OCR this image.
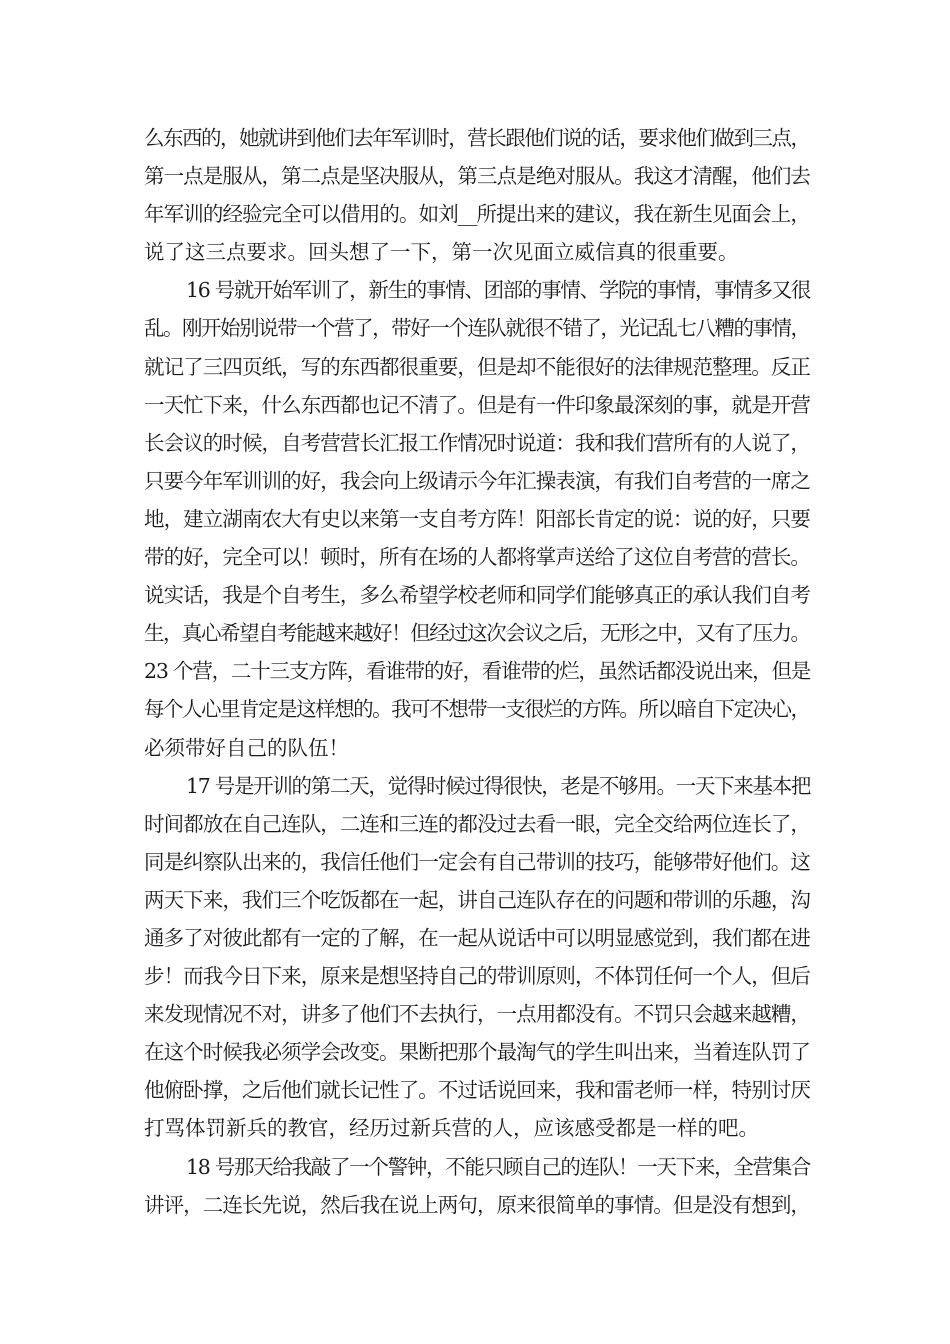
么东西的，她就讲到他们去年军训时，营长跟他们说的话，要求他们做到三点，
第一点是服从，第二点是坚决服从，第三点是绝对服从。我这才清醒，他们去
年军训的经验完全可以借用的。如刘__所提出来的建议，我在新生见面会上，
说了这三点要求。回头想了一下，第一次见面立威信真的很重要。
16 号就开始军训了，新生的事情、团部的事情、学院的事情，事情多又很
乱。刚开始别说带一个营了，带好一个连队就很不错了，光记乱七八糟的事情，
就记了三四页纸，写的东西都很重要，但是却不能很好的法律规范整理。反正
一天忙下来，什么东西都也记不清了。但是有一件印象最深刻的事，就是开营
长会议的时候，自考营营长汇报工作情况时说道：我和我们营所有的人说了，
只要今年军训训的好，我会向上级请示今年汇操表演，有我们自考营的一席之
地，建立湖南农大有史以来第一支自考方阵！阳部长肯定的说：说的好，只要
带的好，完全可以！顿时，所有在场的人都将掌声送给了这位自考营的营长。
说实话，我是个自考生，多么希望学校老师和同学们能够真正的承认我们自考
生，真心希望自考能越来越好！但经过这次会议之后，无形之中，又有了压力。
23 个营，二十三支方阵，看谁带的好，看谁带的烂，虽然话都没说出来，但是
每个人心里肯定是这样想的。我可不想带一支很烂的方阵。所以暗自下定决心，
必须带好自己的队伍！
17 号是开训的第二天，觉得时候过得很快，老是不够用。一天下来基本把
时间都放在自己连队，二连和三连的都没过去看一眼，完全交给两位连长了，
同是纠察队出来的，我信任他们一定会有自己带训的技巧，能够带好他们。这
两天下来，我们三个吃饭都在一起，讲自己连队存在的问题和带训的乐趣，沟
通多了对彼此都有一定的了解，在一起从说话中可以明显感觉到，我们都在进
步！而我今日下来，原来是想坚持自己的带训原则，不体罚任何一个人，但后
来发现情况不对，讲多了他们不去执行，一点用都没有。不罚只会越来越糟，
在这个时候我必须学会改变。果断把那个最淘气的学生叫出来，当着连队罚了
他俯卧撑，之后他们就长记性了。不过话说回来，我和雷老师一样，特别讨厌
打骂体罚新兵的教官，经历过新兵营的人，应该感受都是一样的吧。
18 号那天给我敲了一个警钟，不能只顾自己的连队！一天下来，全营集合
讲评，二连长先说，然后我在说上两句，原来很简单的事情。但是没有想到，
